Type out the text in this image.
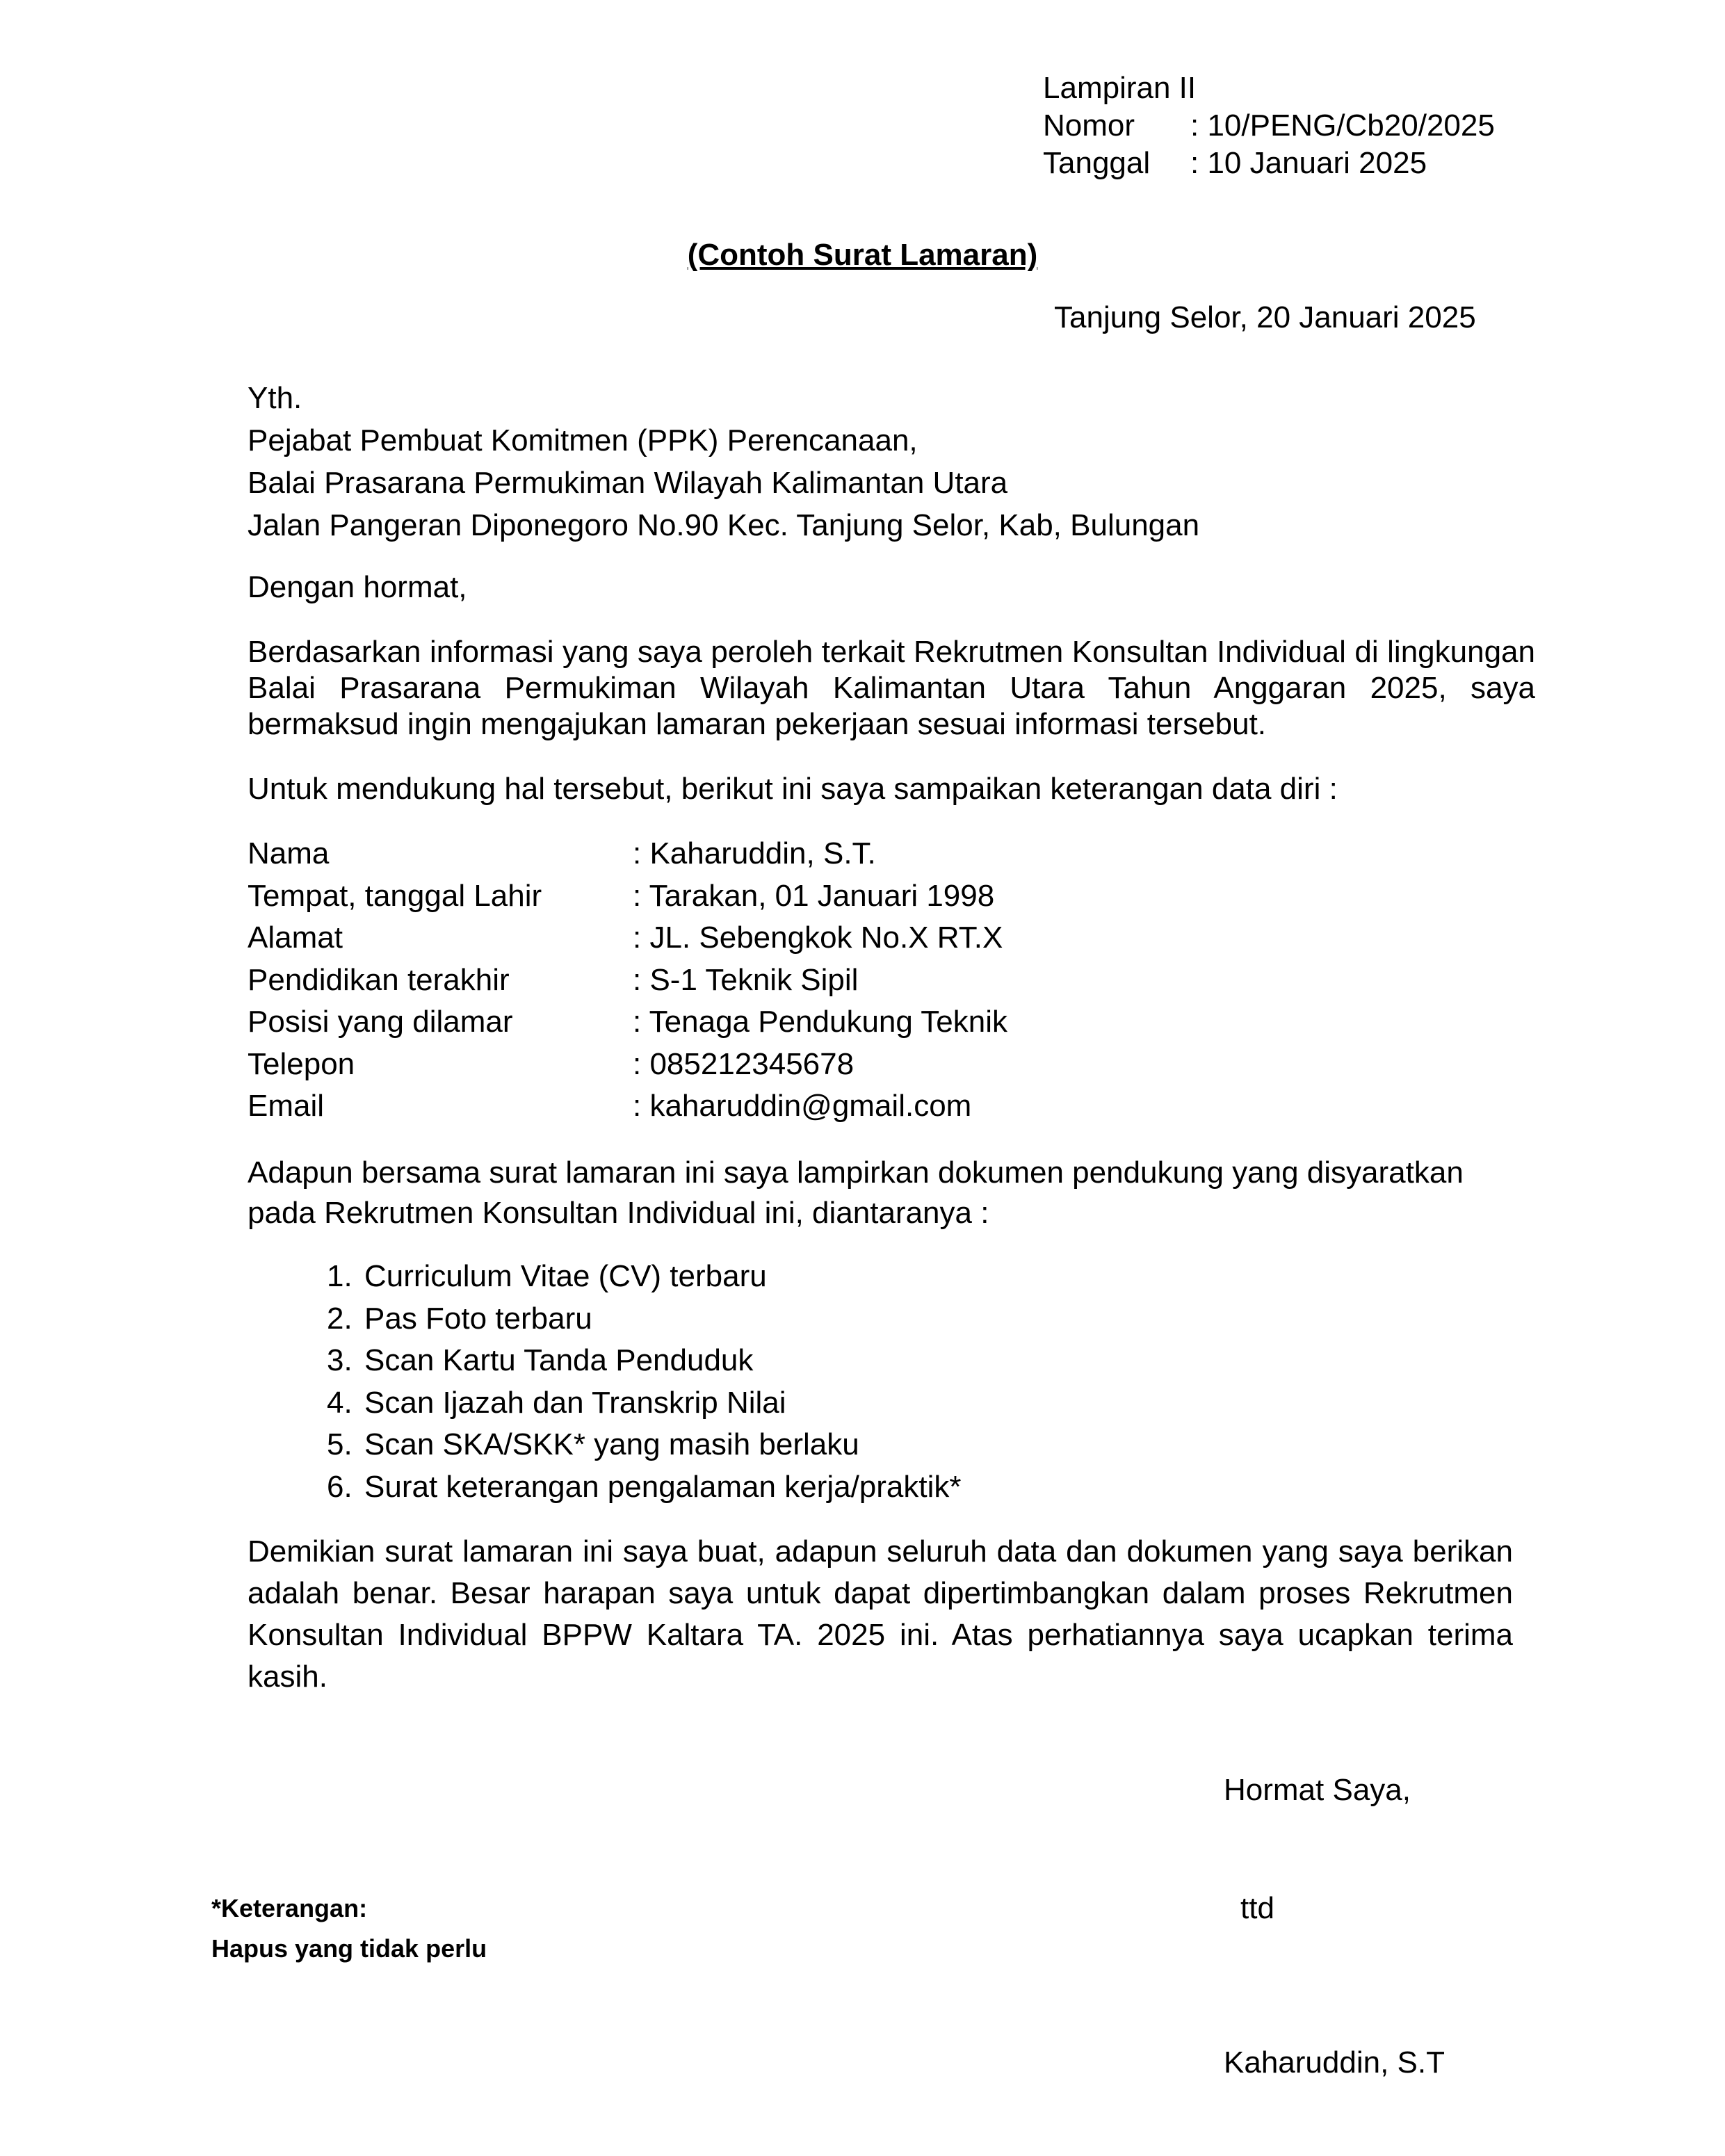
Lampiran II
Nomor	: 10/PENG/Cb20/2025
Tanggal	: 10 Januari 2025
(Contoh Surat Lamaran)
Tanjung Selor, 20 Januari 2025
Yth.
Pejabat Pembuat Komitmen (PPK) Perencanaan,
Balai Prasarana Permukiman Wilayah Kalimantan Utara
Jalan Pangeran Diponegoro No.90 Kec. Tanjung Selor, Kab, Bulungan
Dengan hormat,
Berdasarkan informasi yang saya peroleh terkait Rekrutmen Konsultan Individual di lingkungan Balai Prasarana Permukiman Wilayah Kalimantan Utara Tahun Anggaran 2025, saya bermaksud ingin mengajukan lamaran pekerjaan sesuai informasi tersebut.
Untuk mendukung hal tersebut, berikut ini saya sampaikan keterangan data diri :
Nama	: Kaharuddin, S.T.
Tempat, tanggal Lahir	: Tarakan, 01 Januari 1998
Alamat	: JL. Sebengkok No.X RT.X
Pendidikan terakhir	: S-1 Teknik Sipil
Posisi yang dilamar	: Tenaga Pendukung Teknik
Telepon	: 085212345678
Email	: kaharuddin@gmail.com
Adapun bersama surat lamaran ini saya lampirkan dokumen pendukung yang disyaratkan pada Rekrutmen Konsultan Individual ini, diantaranya :
1. Curriculum Vitae (CV) terbaru
2. Pas Foto terbaru
3. Scan Kartu Tanda Penduduk
4. Scan Ijazah dan Transkrip Nilai
5. Scan SKA/SKK* yang masih berlaku
6. Surat keterangan pengalaman kerja/praktik*
Demikian surat lamaran ini saya buat, adapun seluruh data dan dokumen yang saya berikan adalah benar. Besar harapan saya untuk dapat dipertimbangkan dalam proses Rekrutmen Konsultan Individual BPPW Kaltara TA. 2025 ini. Atas perhatiannya saya ucapkan terima kasih.
Hormat Saya,
ttd
Kaharuddin, S.T
*Keterangan:
Hapus yang tidak perlu
